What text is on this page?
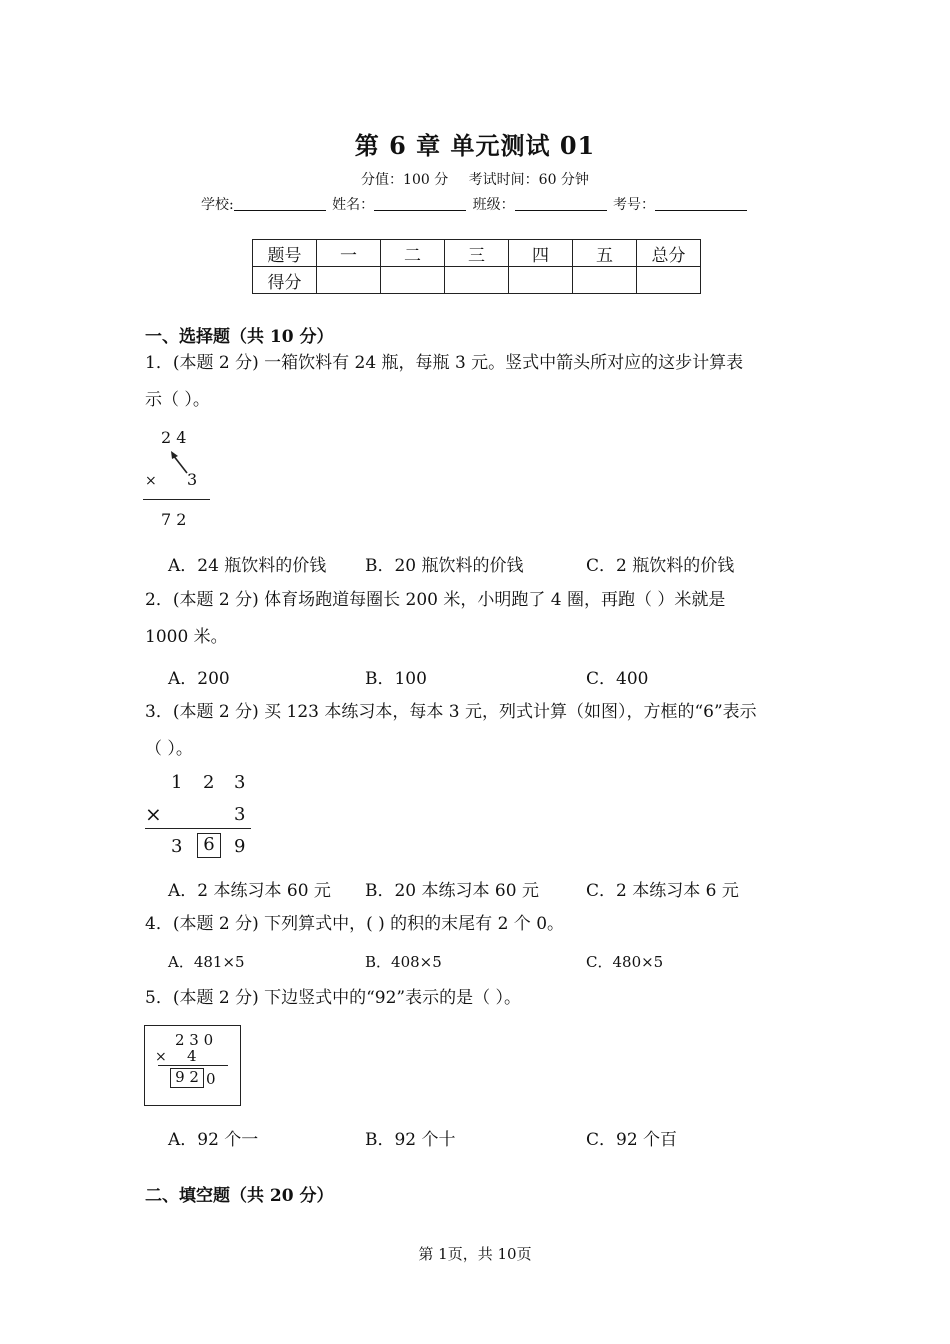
第 6 章 单元测试 01
分值：100 分 考试时间：60 分钟
学校:	姓名：	班级：	考号：
题号	一	二	三	四	五	总分
得分						
一、选择题（共 10 分）
1．(本题 2 分) 一箱饮料有 24 瓶，每瓶 3 元。竖式中箭头所对应的这步计算表
示（ ）。
2 4
× 3
7 2
A．24 瓶饮料的价钱 B．20 瓶饮料的价钱	C．2 瓶饮料的价钱
2．(本题 2 分) 体育场跑道每圈长 200 米，小明跑了 4 圈，再跑（ ）米就是
1000 米。
A．200	B．100	C．400
3．(本题 2 分) 买 123 本练习本，每本 3 元，列式计算（如图），方框的“6”表示
（ ）。
1 2 3
×	3
3	6	9
A．2 本练习本 60 元 B．20 本练习本 60 元	C．2 本练习本 6 元
4．(本题 2 分) 下列算式中，( ) 的积的末尾有 2 个 0。
A．481×5	B．408×5	C．480×5
5．(本题 2 分) 下边竖式中的“92”表示的是（ ）。
2 3 0
× 4
9 2 0
A．92 个一	B．92 个十	C．92 个百
二、填空题（共 20 分）
第 1页，共 10页
